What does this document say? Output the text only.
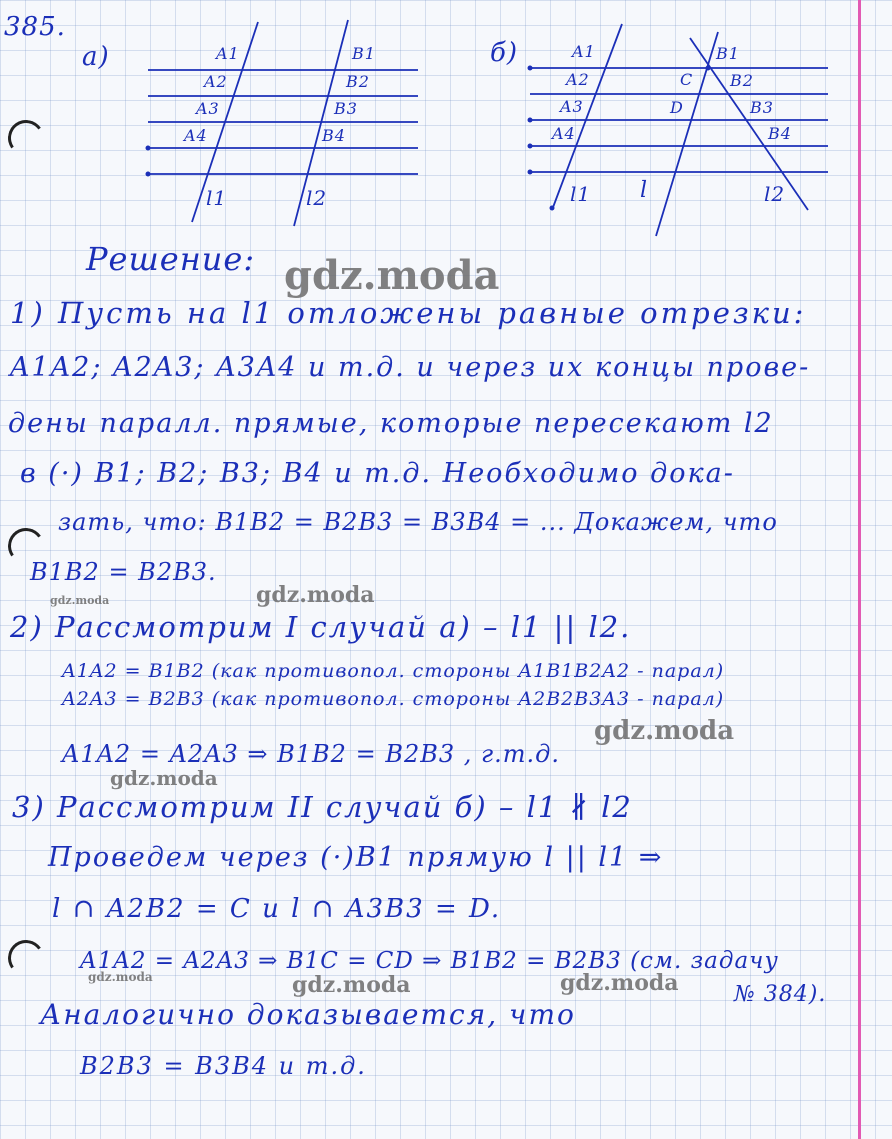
385.
а)	б)
A1
A2
A3
A4
B1
B2
B3
B4
l1	l2
A1
A2
A3
A4
B1
B2
B3
B4
C
D
l1 l	l2
Решение:
1) Пусть на l1 отложены равные отрезки:
A1A2; A2A3; A3A4 и т.д. и через их концы прове-
дены паралл. прямые, которые пересекают l2
в (·) B1; B2; B3; B4 и т.д. Необходимо дока-
зать, что: B1B2 = B2B3 = B3B4 = ... Докажем, что
B1B2 = B2B3.
2) Рассмотрим I случай а) – l1 || l2.
A1A2 = B1B2 (как противопол. стороны A1B1B2A2 - парал)
A2A3 = B2B3 (как противопол. стороны A2B2B3A3 - парал)
A1A2 = A2A3 ⇒ B1B2 = B2B3 , г.т.д.
3) Рассмотрим II случай б) – l1 ∦ l2
Проведем через (·)B1 прямую l || l1 ⇒
l ∩ A2B2 = C и l ∩ A3B3 = D.
A1A2 = A2A3 ⇒ B1C = CD ⇒ B1B2 = B2B3 (см. задачу
№ 384).
Аналогично доказывается, что
B2B3 = B3B4 и т.д.
gdz.moda
gdz.moda	gdz.moda
gdz.moda
gdz.moda
gdz.moda	gdz.moda	gdz.moda
